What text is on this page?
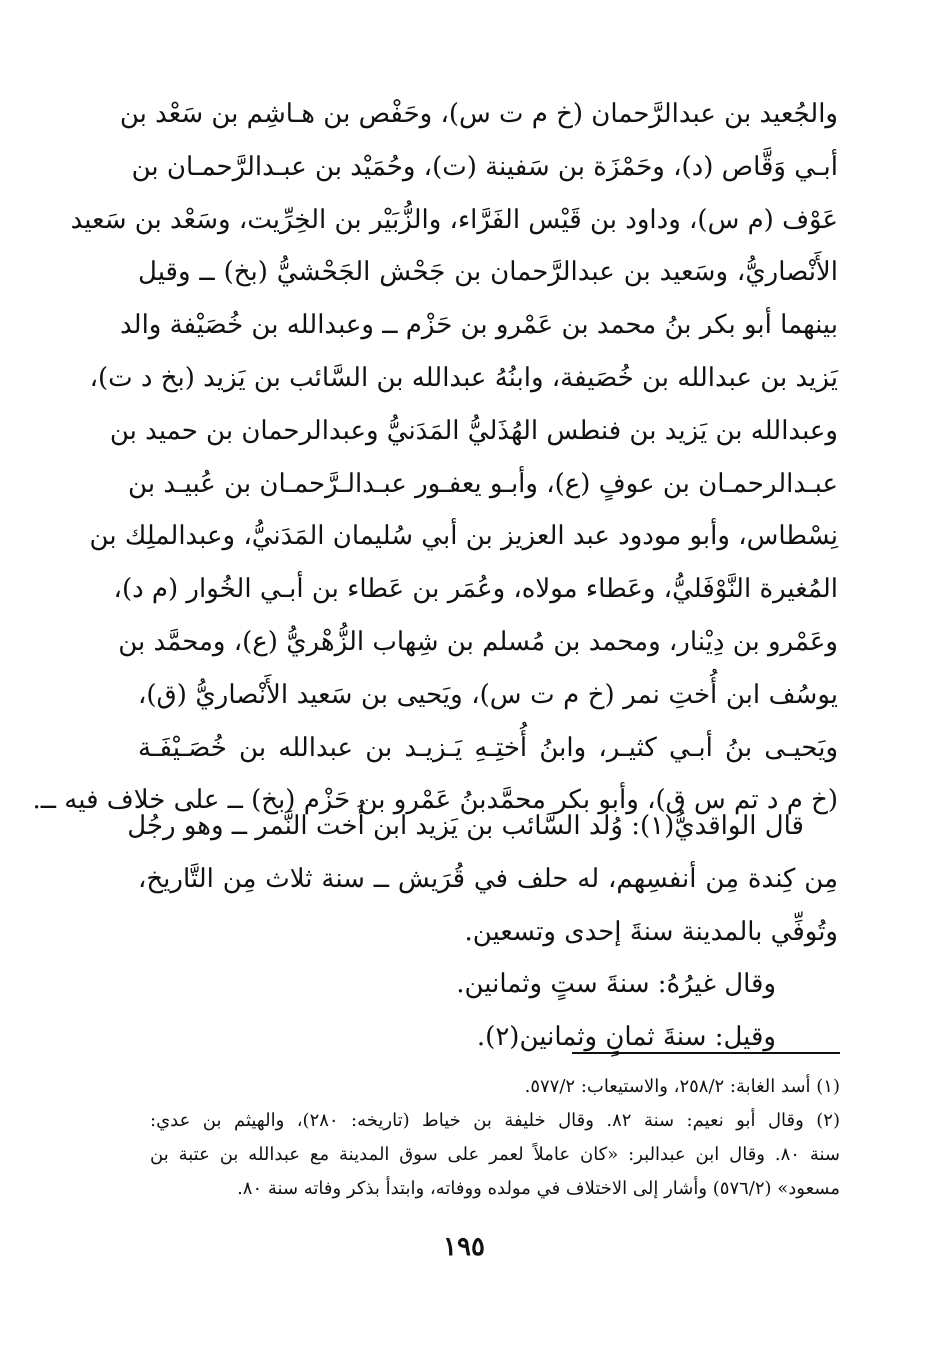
والجُعيد بن عبدالرَّحمان (خ م ت س)، وحَفْص بن هـاشِم بن سَعْد بن
أبـي وَقَّاص (د)، وحَمْزَة بن سَفينة (ت)، وحُمَيْد بن عبـدالرَّحمـان بن
عَوْف (م س)، وداود بن قَيْس الفَرَّاء، والزُّبَيْر بن الخِرِّيت، وسَعْد بن سَعيد
الأَنْصاريُّ، وسَعيد بن عبدالرَّحمان بن جَحْش الجَحْشيُّ (بخ) ــ وقيل
بينهما أبو بكر بنُ محمد بن عَمْرو بن حَزْم ــ وعبدالله بن خُصَيْفة والد
يَزيد بن عبدالله بن خُصَيفة، وابنُهُ عبدالله بن السَّائب بن يَزيد (بخ د ت)،
وعبدالله بن يَزيد بن فنطس الهُذَليُّ المَدَنيُّ وعبدالرحمان بن حميد بن
عبـدالرحمـان بن عوفٍ (ع)، وأبـو يعفـور عبـدالـرَّحمـان بن عُبيـد بن
نِسْطاس، وأبو مودود عبد العزيز بن أبي سُليمان المَدَنيُّ، وعبدالملِك بن
المُغيرة النَّوْفَليُّ، وعَطاء مولاه، وعُمَر بن عَطاء بن أبـي الخُوار (م د)،
وعَمْرو بن دِيْنار، ومحمد بن مُسلم بن شِهاب الزُّهْريُّ (ع)، ومحمَّد بن
يوسُف ابن أُختِ نمر (خ م ت س)، ويَحيى بن سَعيد الأَنْصاريُّ (ق)،
ويَحيـى بنُ أبـي كثيـر، وابنُ أُختِـهِ يَـزيـد بن عبدالله بن خُصَـيْفَـة
(خ م د تم س ق)، وأبو بكر محمَّدبنُ عَمْرو بن حَزْم (بخ) ــ على خلاف فيه ــ.
قال الواقديُّ(١): وُلد السَّائب بن يَزيد ابن أُخت النَّمر ــ وهو رجُل
مِن كِندة مِن أنفسِهم، له حلف في قُرَيش ــ سنة ثلاث مِن التَّاريخ،
وتُوفِّي بالمدينة سنةَ إحدى وتسعين.
وقال غيرُهُ: سنةَ ستٍ وثمانين.
وقيل: سنةَ ثمانٍ وثمانين(٢).
(١) أسد الغابة: ٢٥٨/٢، والاستيعاب: ٥٧٧/٢.
(٢) وقال أبو نعيم: سنة ٨٢. وقال خليفة بن خياط (تاريخه: ٢٨٠)، والهيثم بن عدي:
سنة ٨٠. وقال ابن عبدالبر: «كان عاملاً لعمر على سوق المدينة مع عبدالله بن عتبة بن
مسعود» (٥٧٦/٢) وأشار إلى الاختلاف في مولده ووفاته، وابتدأ بذكر وفاته سنة ٨٠.
١٩٥
